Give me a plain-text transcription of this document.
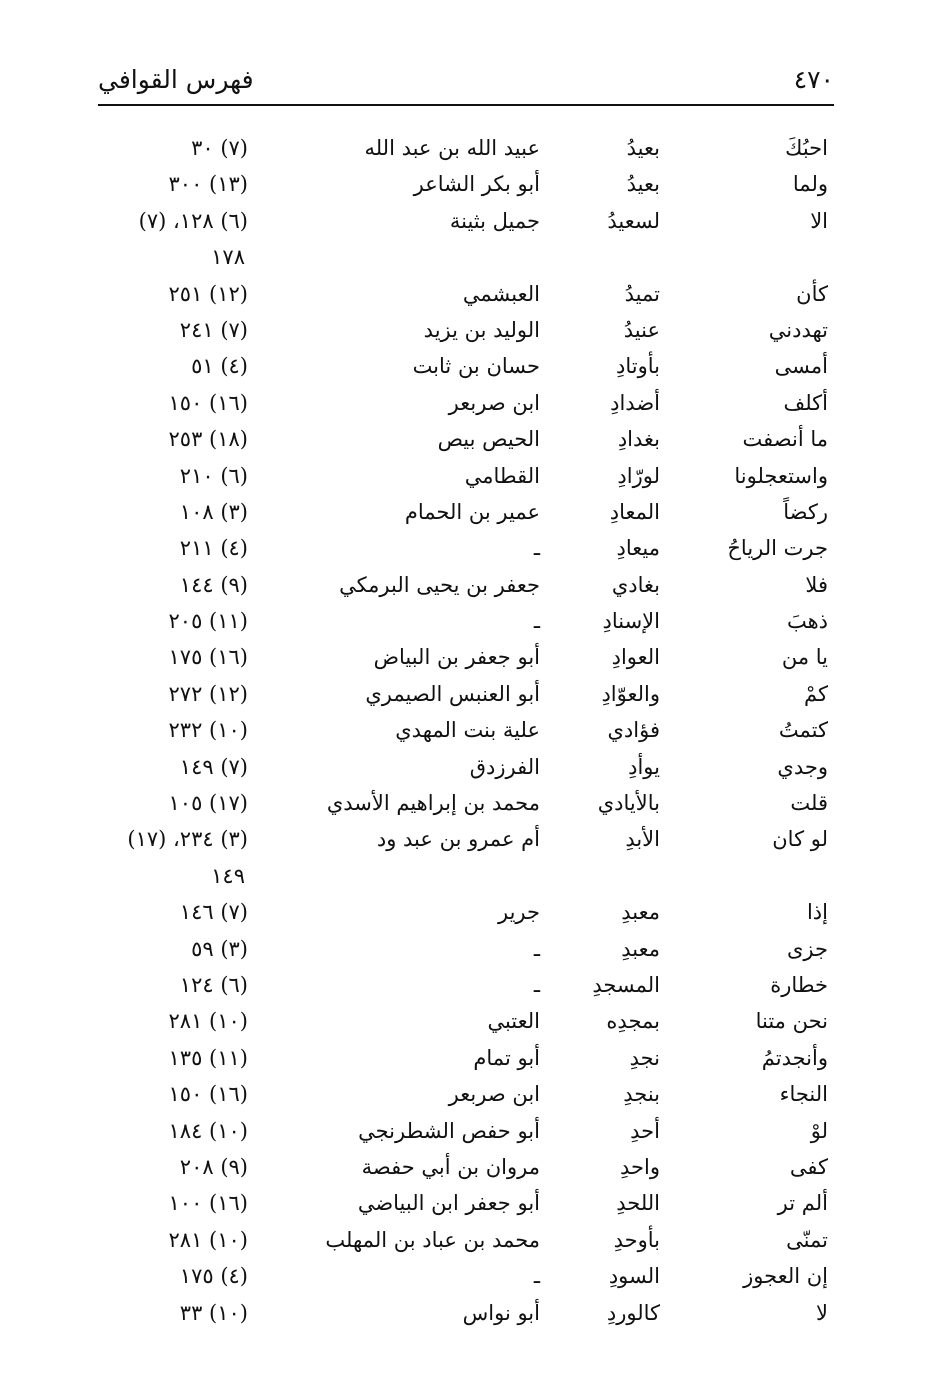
٤٧٠
فهرس القوافي
احبُكَ
بعيدُ
عبيد الله بن عبد الله
(٧) ٣٠
ولما
بعيدُ
أبو بكر الشاعر
(١٣) ٣٠٠
الا
لسعيدُ
جميل بثينة
(٦) ١٢٨، (٧)
١٧٨
كأن
تميدُ
العبشمي
(١٢) ٢٥١
تهددني
عنيدُ
الوليد بن يزيد
(٧) ٢٤١
أمسى
بأوتادِ
حسان بن ثابت
(٤) ٥١
أكلف
أضدادِ
ابن صربعر
(١٦) ١٥٠
ما أنصفت
بغدادِ
الحيص بيص
(١٨) ٢٥٣
واستعجلونا
لورّادِ
القطامي
(٦) ٢١٠
ركضاً
المعادِ
عمير بن الحمام
(٣) ١٠٨
جرت الرياحُ
ميعادِ
ـ
(٤) ٢١١
فلا
بغادي
جعفر بن يحيى البرمكي
(٩) ١٤٤
ذهبَ
الإسنادِ
ـ
(١١) ٢٠٥
يا من
العوادِ
أبو جعفر بن البياض
(١٦) ١٧٥
كمْ
والعوّادِ
أبو العنبس الصيمري
(١٢) ٢٧٢
كتمتُ
فؤادي
علية بنت المهدي
(١٠) ٢٣٢
وجدي
يوأدِ
الفرزدق
(٧) ١٤٩
قلت
بالأيادي
محمد بن إبراهيم الأسدي
(١٧) ١٠٥
لو كان
الأبدِ
أم عمرو بن عبد ود
(٣) ٢٣٤، (١٧)
١٤٩
إذا
معبدِ
جرير
(٧) ١٤٦
جزى
معبدِ
ـ
(٣) ٥٩
خطارة
المسجدِ
ـ
(٦) ١٢٤
نحن متنا
بمجدِه
العتبي
(١٠) ٢٨١
وأنجدتمُ
نجدِ
أبو تمام
(١١) ١٣٥
النجاء
بنجدِ
ابن صربعر
(١٦) ١٥٠
لوْ
أحدِ
أبو حفص الشطرنجي
(١٠) ١٨٤
كفى
واحدِ
مروان بن أبي حفصة
(٩) ٢٠٨
ألم تر
اللحدِ
أبو جعفر ابن البياضي
(١٦) ١٠٠
تمنّى
بأوحدِ
محمد بن عباد بن المهلب
(١٠) ٢٨١
إن العجوز
السودِ
ـ
(٤) ١٧٥
لا
كالوردِ
أبو نواس
(١٠) ٣٣
